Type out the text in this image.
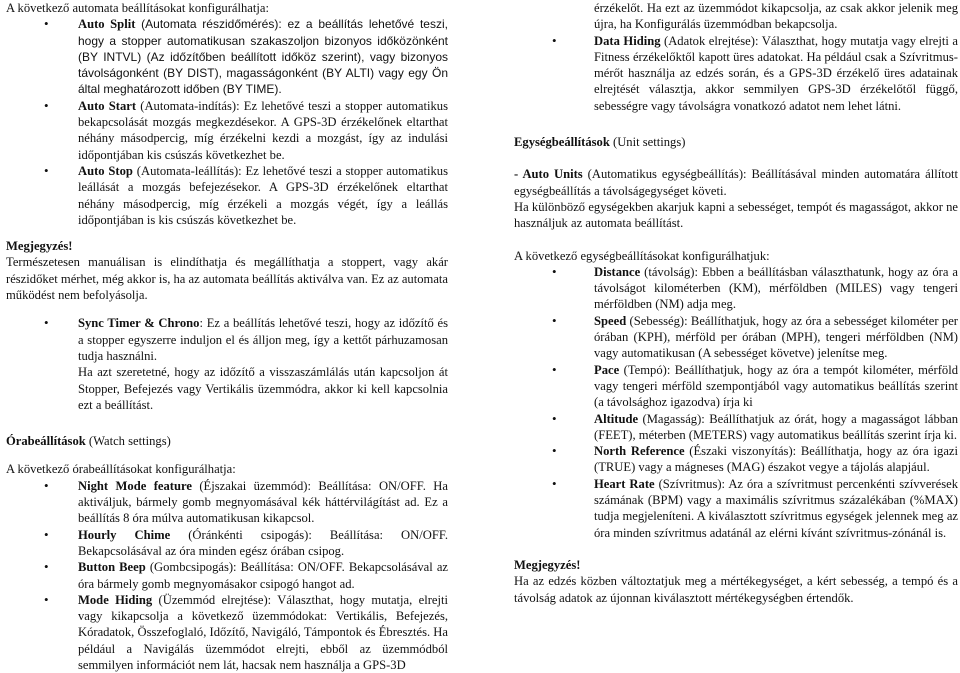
A következő automata beállításokat konfigurálhatja:

• Auto Split (Automata részidőmérés): ez a beállítás lehetővé teszi, hogy a stopper automatikusan szakaszoljon bizonyos időközönként (BY INTVL) (Az időzítőben beállított időköz szerint), vagy bizonyos távolságonként (BY DIST), magasságonként (BY ALTI) vagy egy Ön által meghatározott időben (BY TIME).
• Auto Start (Automata-indítás): Ez lehetővé teszi a stopper automatikus bekapcsolását mozgás megkezdésekor. A GPS-3D érzékelőnek eltarthat néhány másodpercig, míg érzékelni kezdi a mozgást, így az indulási időpontjában kis csúszás következhet be.
• Auto Stop (Automata-leállítás): Ez lehetővé teszi a stopper automatikus leállását a mozgás befejezésekor. A GPS-3D érzékelőnek eltarthat néhány másodpercig, míg érzékeli a mozgás végét, így a leállás időpontjában is kis csúszás következhet be.

Megjegyzés!

Természetesen manuálisan is elindíthatja és megállíthatja a stoppert, vagy akár részidőket mérhet, még akkor is, ha az automata beállítás aktiválva van. Ez az automata működést nem befolyásolja.

• Sync Timer & Chrono: Ez a beállítás lehetővé teszi, hogy az időzítő és a stopper egyszerre induljon el és álljon meg, így a kettőt párhuzamosan tudja használni.

Ha azt szeretetné, hogy az időzítő a visszaszámlálás után kapcsoljon át Stopper, Befejezés vagy Vertikális üzemmódra, akkor ki kell kapcsolnia ezt a beállítást.

Órabeállítások (Watch settings)

A következő órabeállításokat konfigurálhatja:

• Night Mode feature (Éjszakai üzemmód): Beállítása: ON/OFF. Ha aktiváljuk, bármely gomb megnyomásával kék háttérvilágítást ad. Ez a beállítás 8 óra múlva automatikusan kikapcsol.
• Hourly Chime (Óránkénti csipogás): Beállítása: ON/OFF. Bekapcsolásával az óra minden egész órában csipog.
• Button Beep (Gombcsipogás): Beállítása: ON/OFF. Bekapcsolásával az óra bármely gomb megnyomásakor csipogó hangot ad.
• Mode Hiding (Üzemmód elrejtése): Választhat, hogy mutatja, elrejti vagy kikapcsolja a következő üzemmódokat: Vertikális, Befejezés, Kóradatok, Összefoglaló, Időzítő, Navigáló, Támpontok és Ébresztés. Ha például a Navigálás üzemmódot elrejti, ebből az üzemmódból semmilyen információt nem lát, hacsak nem használja a GPS-3D

érzékelőt. Ha ezt az üzemmódot kikapcsolja, az csak akkor jelenik meg újra, ha Konfigurálás üzemmódban bekapcsolja.

• Data Hiding (Adatok elrejtése): Választhat, hogy mutatja vagy elrejti a Fitness érzékelőktől kapott üres adatokat. Ha például csak a Szívritmus-mérőt használja az edzés során, és a GPS-3D érzékelő üres adatainak elrejtését választja, akkor semmilyen GPS-3D érzékelőtől függő, sebességre vagy távolságra vonatkozó adatot nem lehet látni.

Egységbeállítások (Unit settings)

- Auto Units (Automatikus egységbeállítás): Beállításával minden automatára állított egységbeállítás a távolságegységet követi.

Ha különböző egységekben akarjuk kapni a sebességet, tempót és magasságot, akkor ne használjuk az automata beállítást.

A következő egységbeállításokat konfigurálhatjuk:

• Distance (távolság): Ebben a beállításban választhatunk, hogy az óra a távolságot kilométerben (KM), mérföldben (MILES) vagy tengeri mérföldben (NM) adja meg.
• Speed (Sebesség): Beállíthatjuk, hogy az óra a sebességet kilométer per órában (KPH), mérföld per órában (MPH), tengeri mérföldben (NM) vagy automatikusan (A sebességet követve) jelenítse meg.
• Pace (Tempó): Beállíthatjuk, hogy az óra a tempót kilométer, mérföld vagy tengeri mérföld szempontjából vagy automatikus beállítás szerint (a távolsághoz igazodva) írja ki
• Altitude (Magasság): Beállíthatjuk az órát, hogy a magasságot lábban (FEET), méterben (METERS) vagy automatikus beállítás szerint írja ki.
• North Reference (Északi viszonyítás): Beállíthatja, hogy az óra igazi (TRUE) vagy a mágneses (MAG) északot vegye a tájolás alapjául.
• Heart Rate (Szívritmus): Az óra a szívritmust percenkénti szívverések számának (BPM) vagy a maximális szívritmus százalékában (%MAX) tudja megjeleníteni. A kiválasztott szívritmus egységek jelennek meg az óra minden szívritmus adatánál az elérni kívánt szívritmus-zónánál is.

Megjegyzés!

Ha az edzés közben változtatjuk meg a mértékegységet, a kért sebesség, a tempó és a távolság adatok az újonnan kiválasztott mértékegységben értendők.
